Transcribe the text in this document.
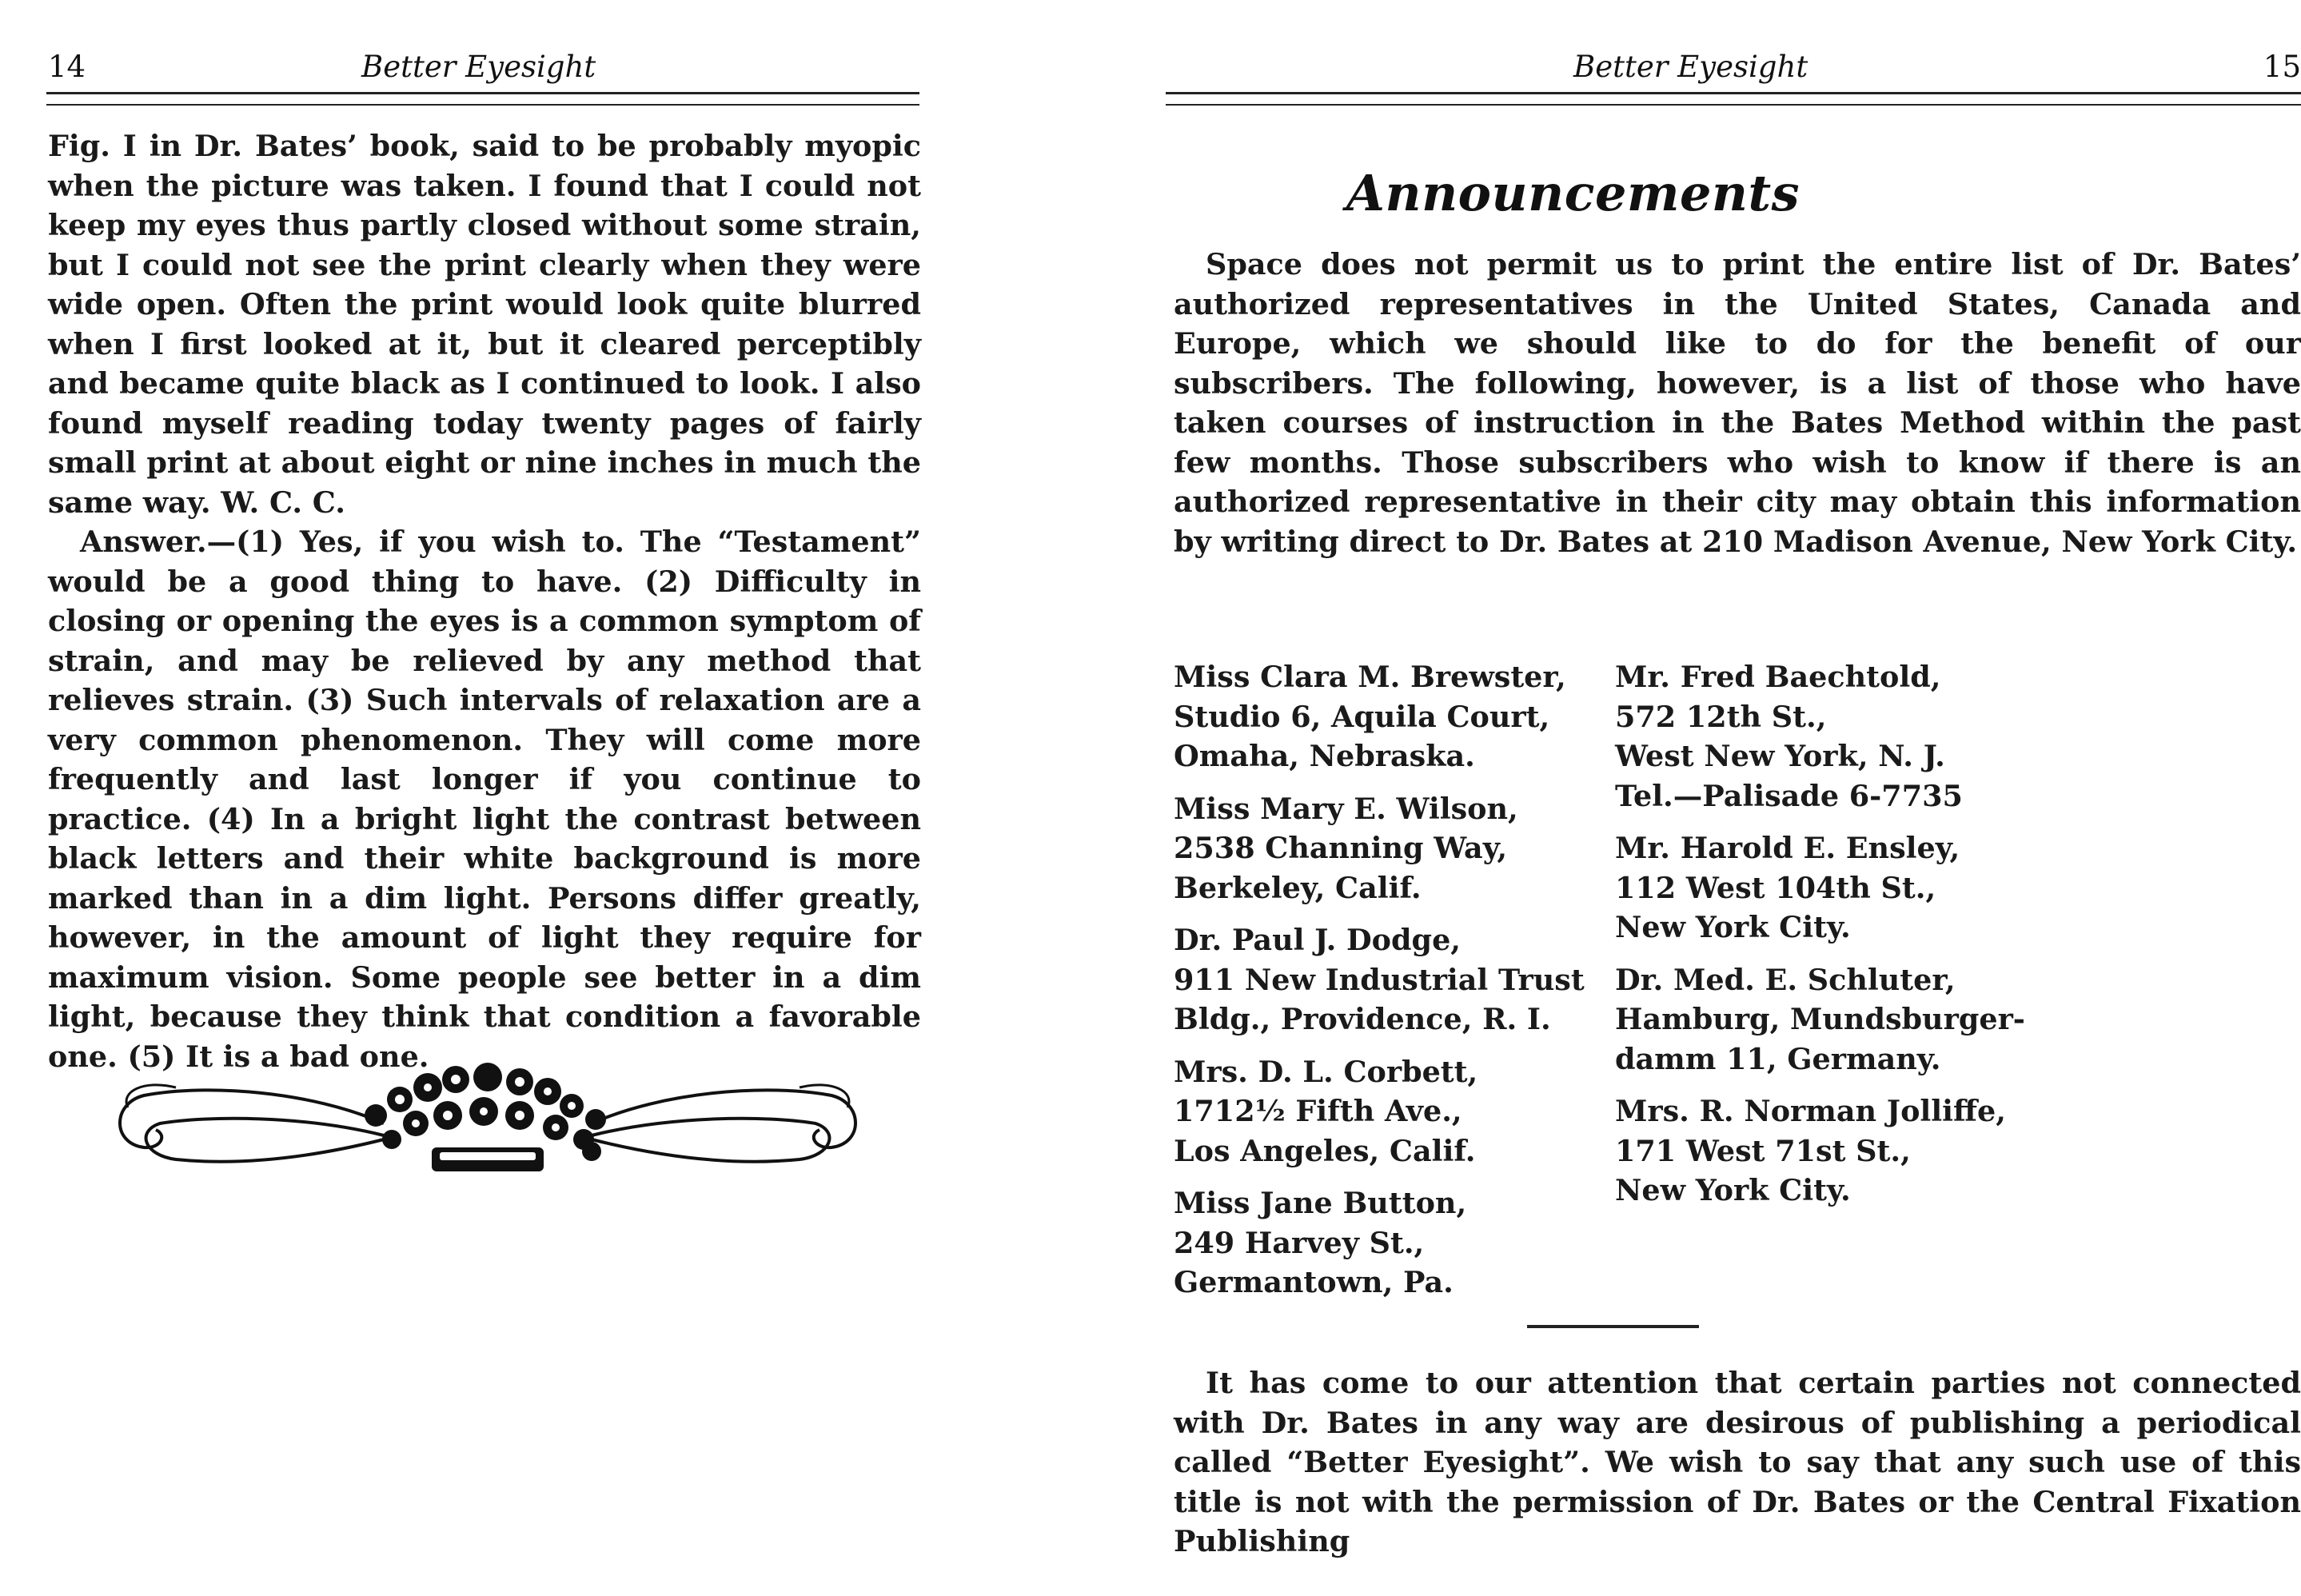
14	Better Eyesight

Fig. I in Dr. Bates’ book, said to be probably myopic when the picture was taken. I found that I could not keep my eyes thus partly closed without some strain, but I could not see the print clearly when they were wide open. Often the print would look quite blurred when I first looked at it, but it cleared perceptibly and became quite black as I continued to look. I also found myself reading today twenty pages of fairly small print at about eight or nine inches in much the same way. W. C. C.

Answer.—(1) Yes, if you wish to. The “Testament” would be a good thing to have. (2) Difficulty in closing or opening the eyes is a common symptom of strain, and may be relieved by any method that relieves strain. (3) Such intervals of relaxation are a very common phenomenon. They will come more frequently and last longer if you continue to practice. (4) In a bright light the contrast between black letters and their white background is more marked than in a dim light. Persons differ greatly, however, in the amount of light they require for maximum vision. Some people see better in a dim light, because they think that condition a favorable one. (5) It is a bad one.

Better Eyesight	15
Announcements

Space does not permit us to print the entire list of Dr. Bates’ authorized representatives in the United States, Canada and Europe, which we should like to do for the benefit of our subscribers. The following, however, is a list of those who have taken courses of instruction in the Bates Method within the past few months. Those subscribers who wish to know if there is an authorized representative in their city may obtain this information by writing direct to Dr. Bates at 210 Madison Avenue, New York City.

Miss Clara M. Brewster,
Studio 6, Aquila Court,
Omaha, Nebraska.
Miss Mary E. Wilson,
2538 Channing Way,
Berkeley, Calif.
Dr. Paul J. Dodge,
911 New Industrial Trust
Bldg., Providence, R. I.
Mrs. D. L. Corbett,
1712½ Fifth Ave.,
Los Angeles, Calif.
Miss Jane Button,
249 Harvey St.,
Germantown, Pa.
Mr. Fred Baechtold,
572 12th St.,
West New York, N. J.
Tel.—Palisade 6-7735
Mr. Harold E. Ensley,
112 West 104th St.,
New York City.
Dr. Med. E. Schluter,
Hamburg, Mundsburger-
damm 11, Germany.
Mrs. R. Norman Jolliffe,
171 West 71st St.,
New York City.

It has come to our attention that certain parties not connected with Dr. Bates in any way are desirous of publishing a periodical called “Better Eyesight”. We wish to say that any such use of this title is not with the permission of Dr. Bates or the Central Fixation Publishing
